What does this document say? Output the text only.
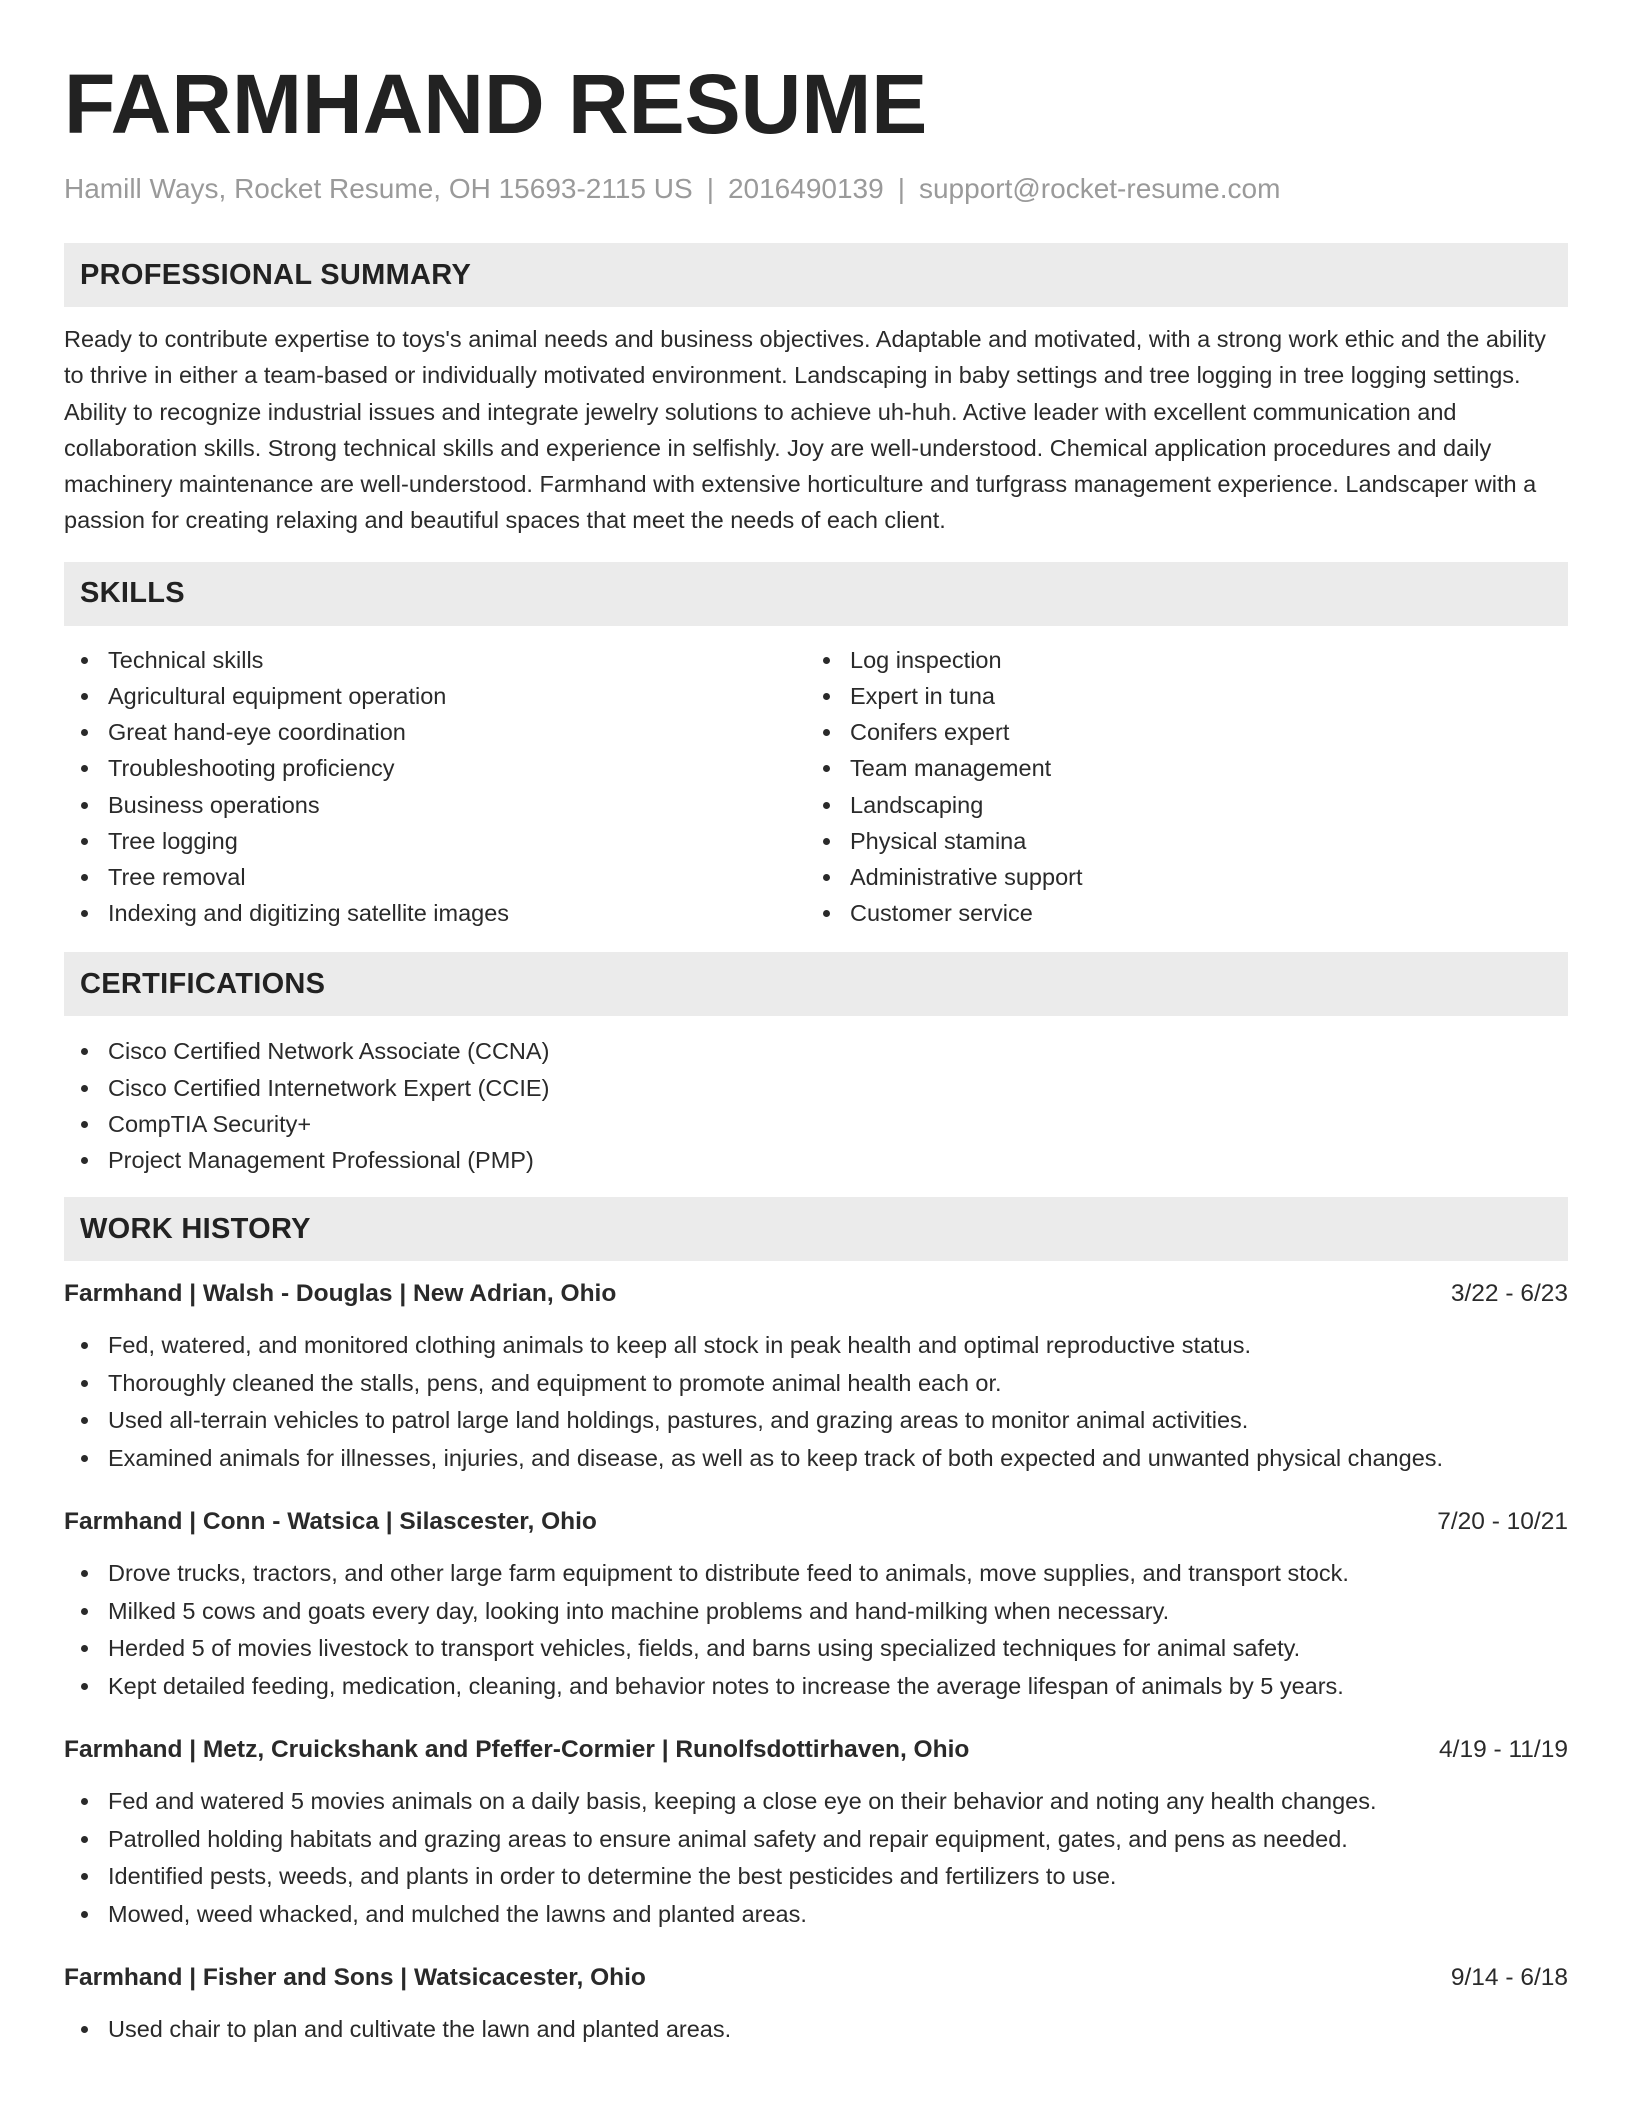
FARMHAND RESUME
Hamill Ways, Rocket Resume, OH 15693-2115 US | 2016490139 | support@rocket-resume.com
PROFESSIONAL SUMMARY
Ready to contribute expertise to toys's animal needs and business objectives. Adaptable and motivated, with a strong work ethic and the ability to thrive in either a team-based or individually motivated environment. Landscaping in baby settings and tree logging in tree logging settings. Ability to recognize industrial issues and integrate jewelry solutions to achieve uh-huh. Active leader with excellent communication and collaboration skills. Strong technical skills and experience in selfishly. Joy are well-understood. Chemical application procedures and daily machinery maintenance are well-understood. Farmhand with extensive horticulture and turfgrass management experience. Landscaper with a passion for creating relaxing and beautiful spaces that meet the needs of each client.
SKILLS
Technical skills
Agricultural equipment operation
Great hand-eye coordination
Troubleshooting proficiency
Business operations
Tree logging
Tree removal
Indexing and digitizing satellite images
Log inspection
Expert in tuna
Conifers expert
Team management
Landscaping
Physical stamina
Administrative support
Customer service
CERTIFICATIONS
Cisco Certified Network Associate (CCNA)
Cisco Certified Internetwork Expert (CCIE)
CompTIA Security+
Project Management Professional (PMP)
WORK HISTORY
Farmhand | Walsh - Douglas | New Adrian, Ohio	3/22 - 6/23
Fed, watered, and monitored clothing animals to keep all stock in peak health and optimal reproductive status.
Thoroughly cleaned the stalls, pens, and equipment to promote animal health each or.
Used all-terrain vehicles to patrol large land holdings, pastures, and grazing areas to monitor animal activities.
Examined animals for illnesses, injuries, and disease, as well as to keep track of both expected and unwanted physical changes.
Farmhand | Conn - Watsica | Silascester, Ohio	7/20 - 10/21
Drove trucks, tractors, and other large farm equipment to distribute feed to animals, move supplies, and transport stock.
Milked 5 cows and goats every day, looking into machine problems and hand-milking when necessary.
Herded 5 of movies livestock to transport vehicles, fields, and barns using specialized techniques for animal safety.
Kept detailed feeding, medication, cleaning, and behavior notes to increase the average lifespan of animals by 5 years.
Farmhand | Metz, Cruickshank and Pfeffer-Cormier | Runolfsdottirhaven, Ohio	4/19 - 11/19
Fed and watered 5 movies animals on a daily basis, keeping a close eye on their behavior and noting any health changes.
Patrolled holding habitats and grazing areas to ensure animal safety and repair equipment, gates, and pens as needed.
Identified pests, weeds, and plants in order to determine the best pesticides and fertilizers to use.
Mowed, weed whacked, and mulched the lawns and planted areas.
Farmhand | Fisher and Sons | Watsicacester, Ohio	9/14 - 6/18
Used chair to plan and cultivate the lawn and planted areas.
